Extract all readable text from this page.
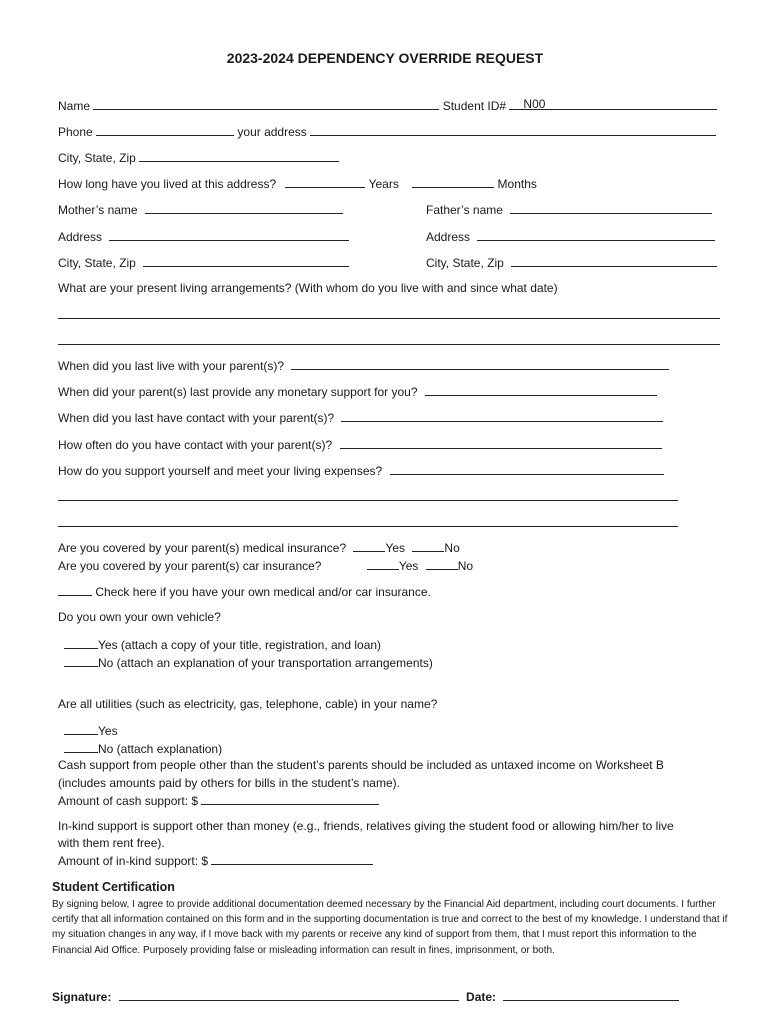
2023-2024 DEPENDENCY OVERRIDE REQUEST
Name	Student ID# N00
Phone	your address
City, State, Zip
How long have you lived at this address?	Years	Months
Mother’s name	Father’s name
Address	Address
City, State, Zip	City, State, Zip
What are your present living arrangements? (With whom do you live with and since what date)
When did you last live with your parent(s)?
When did your parent(s) last provide any monetary support for you?
When did you last have contact with your parent(s)?
How often do you have contact with your parent(s)?
How do you support yourself and meet your living expenses?
Are you covered by your parent(s) medical insurance?	Yes	No
Are you covered by your parent(s) car insurance?	Yes	No
Check here if you have your own medical and/or car insurance.
Do you own your own vehicle?
Yes (attach a copy of your title, registration, and loan)
No (attach an explanation of your transportation arrangements)
Are all utilities (such as electricity, gas, telephone, cable) in your name?
Yes
No (attach explanation)
Cash support from people other than the student’s parents should be included as untaxed income on Worksheet B
(includes amounts paid by others for bills in the student’s name).
Amount of cash support: $
In-kind support is support other than money (e.g., friends, relatives giving the student food or allowing him/her to live
with them rent free).
Amount of in-kind support: $
Student Certification
By signing below, I agree to provide additional documentation deemed necessary by the Financial Aid department, including court documents. I further certify that all information contained on this form and in the supporting documentation is true and correct to the best of my knowledge. I understand that if my situation changes in any way, if I move back with my parents or receive any kind of support from them, that I must report this information to the Financial Aid Office. Purposely providing false or misleading information can result in fines, imprisonment, or both.
Signature:	Date:
